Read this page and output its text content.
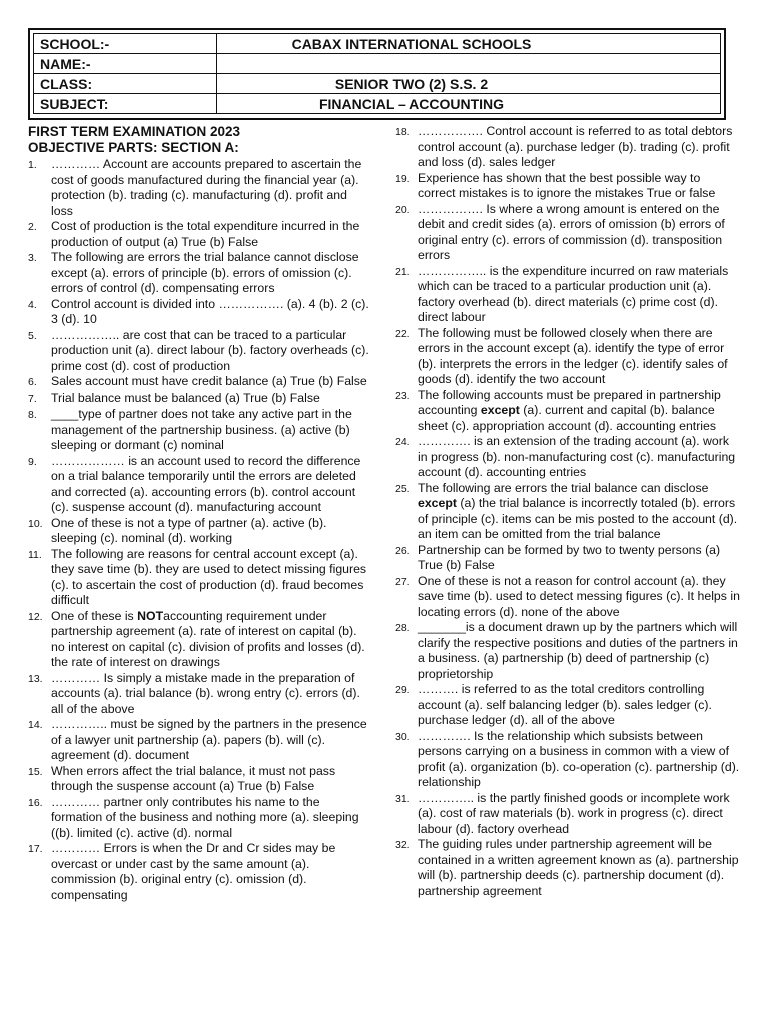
SCHOOL:-	CABAX INTERNATIONAL SCHOOLS
NAME:-	
CLASS:	SENIOR TWO (2) S.S. 2
SUBJECT:	FINANCIAL – ACCOUNTING
FIRST TERM EXAMINATION 2023
OBJECTIVE PARTS: SECTION A:
1.	………… Account are accounts prepared to ascertain the cost of goods manufactured during the financial year (a). protection (b). trading (c). manufacturing (d). profit and loss
2.	Cost of production is the total expenditure incurred in the production of output (a) True (b) False
3.	The following are errors the trial balance cannot disclose except (a). errors of principle (b). errors of omission (c). errors of control (d). compensating errors
4.	Control account is divided into ……………. (a). 4 (b). 2 (c). 3 (d). 10
5.	…………….. are cost that can be traced to a particular production unit (a). direct labour (b). factory overheads (c). prime cost (d). cost of production
6.	Sales account must have credit balance (a) True (b) False
7.	Trial balance must be balanced (a) True (b) False
8.	____type of partner does not take any active part in the management of the partnership business. (a) active (b) sleeping or dormant (c) nominal
9.	……………… is an account used to record the difference on a trial balance temporarily until the errors are deleted and corrected (a). accounting errors (b). control account (c). suspense account (d). manufacturing account
10. One of these is not a type of partner (a). active (b). sleeping (c). nominal (d). working
11. The following are reasons for central account except (a). they save time (b). they are used to detect missing figures (c). to ascertain the cost of production (d). fraud becomes difficult
12. One of these is NOTaccounting requirement under partnership agreement (a). rate of interest on capital (b). no interest on capital (c). division of profits and losses (d). the rate of interest on drawings
13. ………… Is simply a mistake made in the preparation of accounts (a). trial balance (b). wrong entry (c). errors (d). all of the above
14. ………….. must be signed by the partners in the presence of a lawyer unit partnership (a). papers (b). will (c). agreement (d). document
15. When errors affect the trial balance, it must not pass through the suspense account (a) True (b) False
16. ………… partner only contributes his name to the formation of the business and nothing more (a). sleeping ((b). limited (c). active (d). normal
17. ………… Errors is when the Dr and Cr sides may be overcast or under cast by the same amount (a). commission (b). original entry (c). omission (d). compensating
18. ……………. Control account is referred to as total debtors control account (a). purchase ledger (b). trading (c). profit and loss (d). sales ledger
19. Experience has shown that the best possible way to correct mistakes is to ignore the mistakes True or false
20. ……………. Is where a wrong amount is entered on the debit and credit sides (a). errors of omission (b) errors of original entry (c). errors of commission (d). transposition errors
21. …………….. is the expenditure incurred on raw materials which can be traced to a particular production unit (a). factory overhead (b). direct materials (c) prime cost (d). direct labour
22. The following must be followed closely when there are errors in the account except (a). identify the type of error (b). interprets the errors in the ledger (c). identify sales of goods (d). identify the two account
23. The following accounts must be prepared in partnership accounting except (a). current and capital (b). balance sheet (c). appropriation account (d). accounting entries
24. …………. is an extension of the trading account (a). work in progress (b). non-manufacturing cost (c). manufacturing account (d). accounting entries
25. The following are errors the trial balance can disclose except (a) the trial balance is incorrectly totaled (b). errors of principle (c). items can be mis posted to the account (d). an item can be omitted from the trial balance
26. Partnership can be formed by two to twenty persons (a) True (b) False
27. One of these is not a reason for control account (a). they save time (b). used to detect messing figures (c). It helps in locating errors (d). none of the above
28. _______is a document drawn up by the partners which will clarify the respective positions and duties of the partners in a business. (a) partnership (b) deed of partnership (c) proprietorship
29. ………. is referred to as the total creditors controlling account (a). self balancing ledger (b). sales ledger (c). purchase ledger (d). all of the above
30. …………. Is the relationship which subsists between persons carrying on a business in common with a view of profit (a). organization (b). co-operation (c). partnership (d). relationship
31. ………….. is the partly finished goods or incomplete work (a). cost of raw materials (b). work in progress (c). direct labour (d). factory overhead
32. The guiding rules under partnership agreement will be contained in a written agreement known as (a). partnership will (b). partnership deeds (c). partnership document (d). partnership agreement
